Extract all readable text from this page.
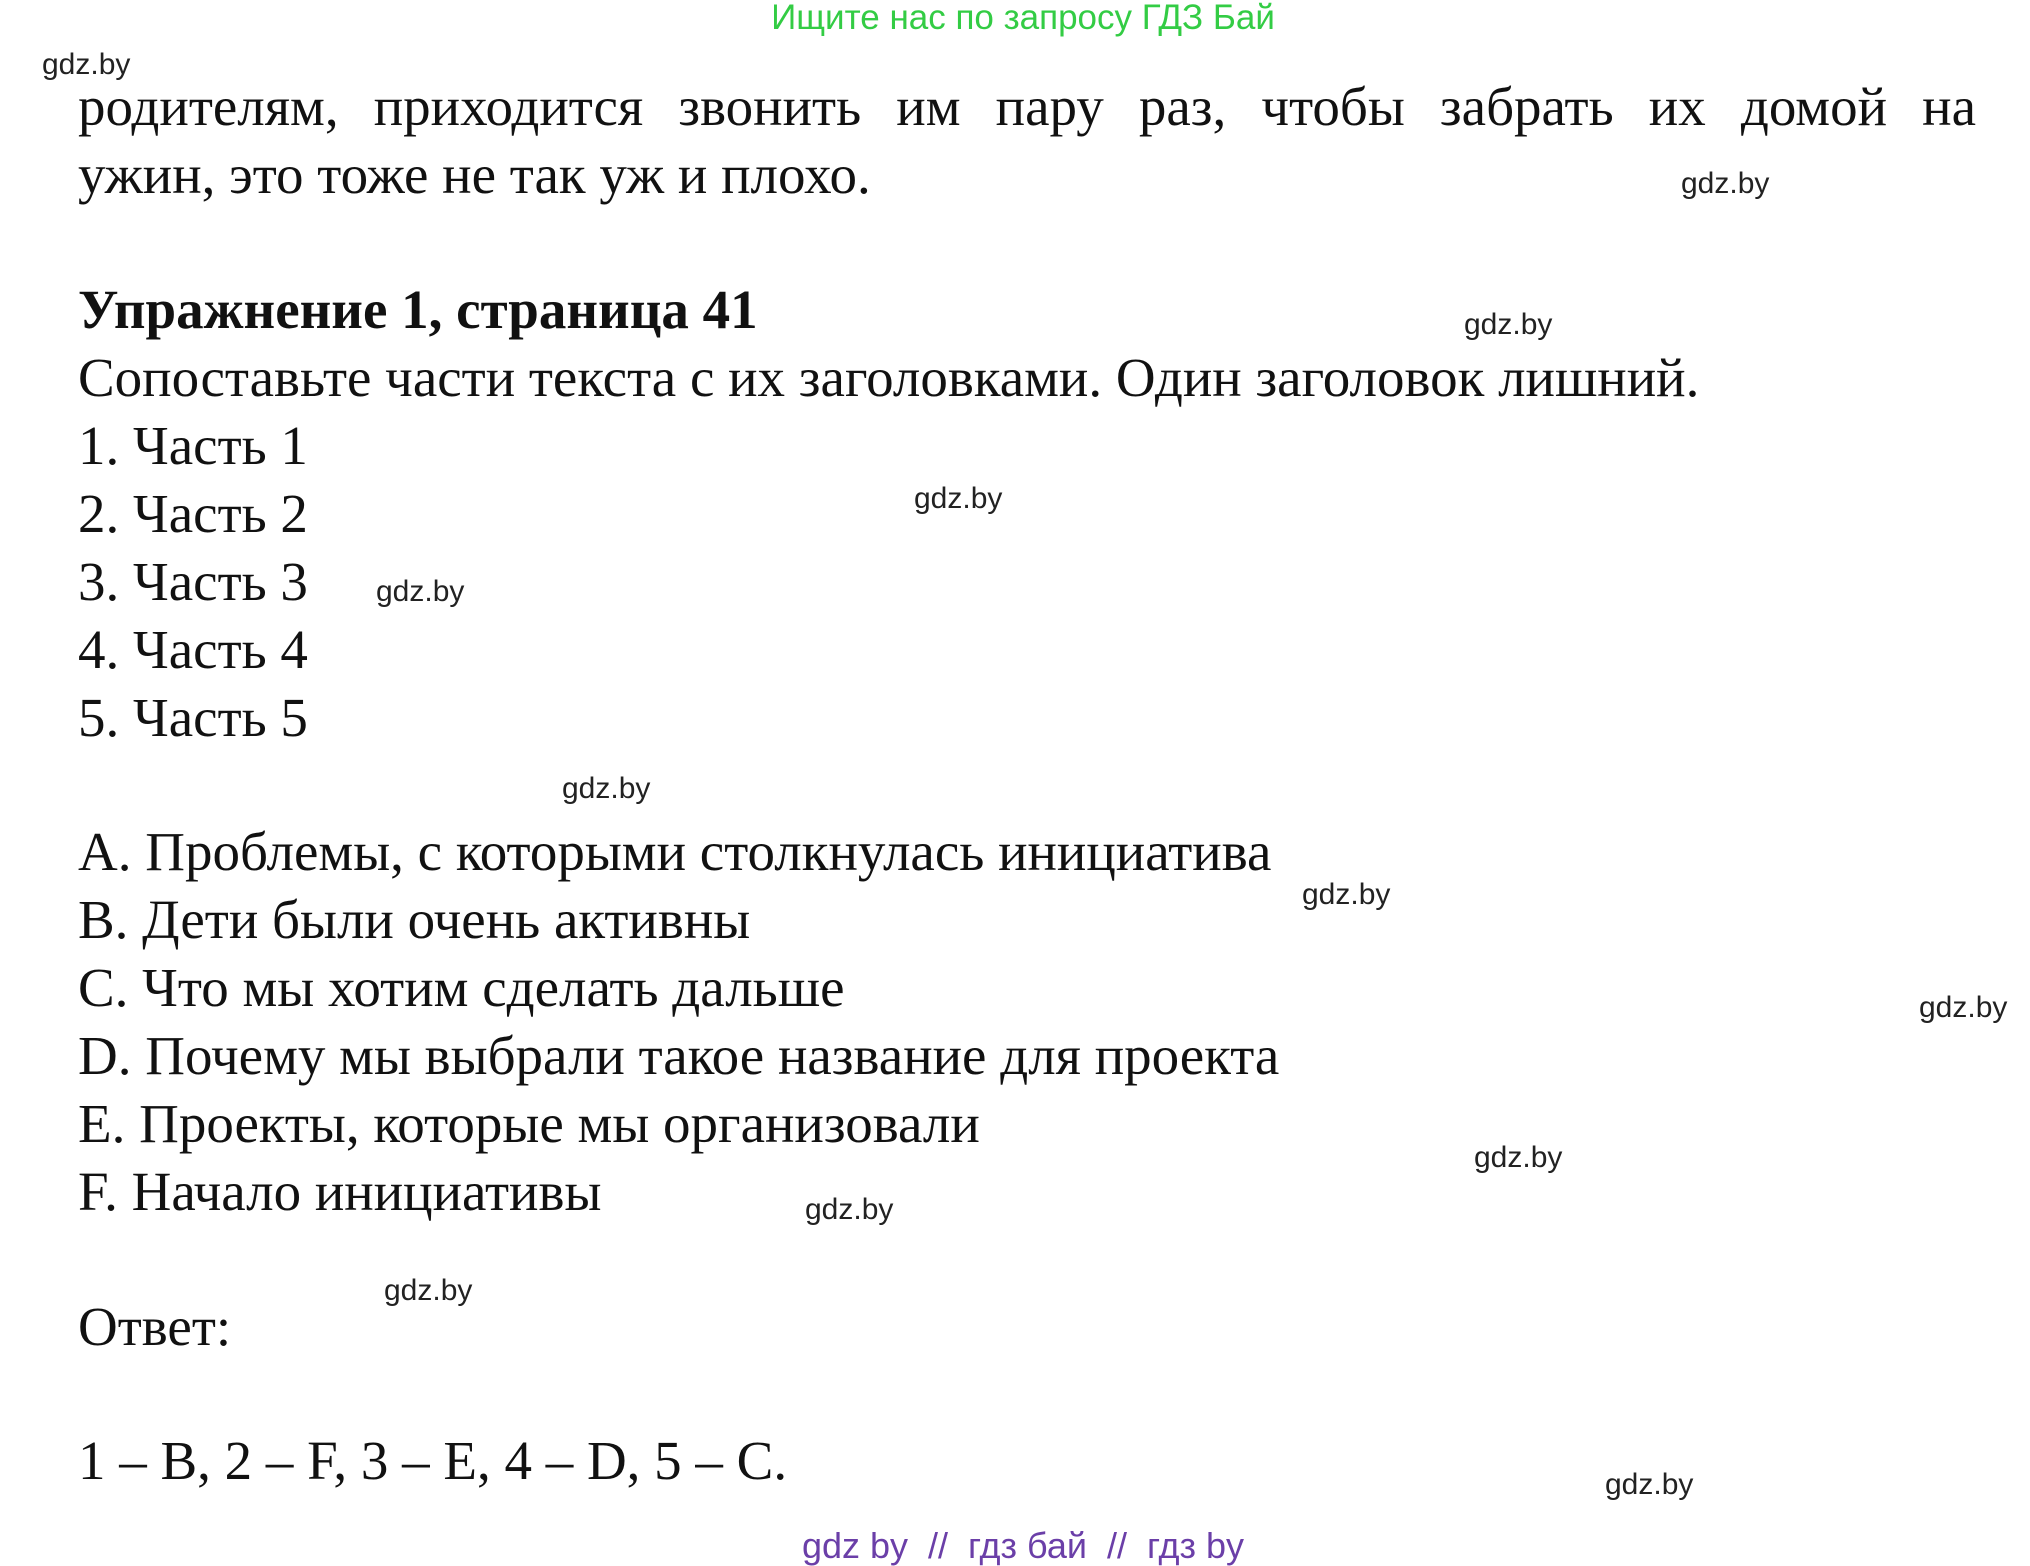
Ищите нас по запросу ГДЗ Бай
родителям, приходится звонить им пару раз, чтобы забрать их домой на
ужин, это тоже не так уж и плохо.
Упражнение 1, страница 41
Сопоставьте части текста с их заголовками. Один заголовок лишний.
1. Часть 1
2. Часть 2
3. Часть 3
4. Часть 4
5. Часть 5
A. Проблемы, с которыми столкнулась инициатива
B. Дети были очень активны
C. Что мы хотим сделать дальше
D. Почему мы выбрали такое название для проекта
E. Проекты, которые мы организовали
F. Начало инициативы
Ответ:
1 – B, 2 – F, 3 – E, 4 – D, 5 – C.
gdz.by
gdz.by
gdz.by
gdz.by
gdz.by
gdz.by
gdz.by
gdz.by
gdz.by
gdz.by
gdz.by
gdz.by
gdz by  //  гдз бай  //  гдз by
